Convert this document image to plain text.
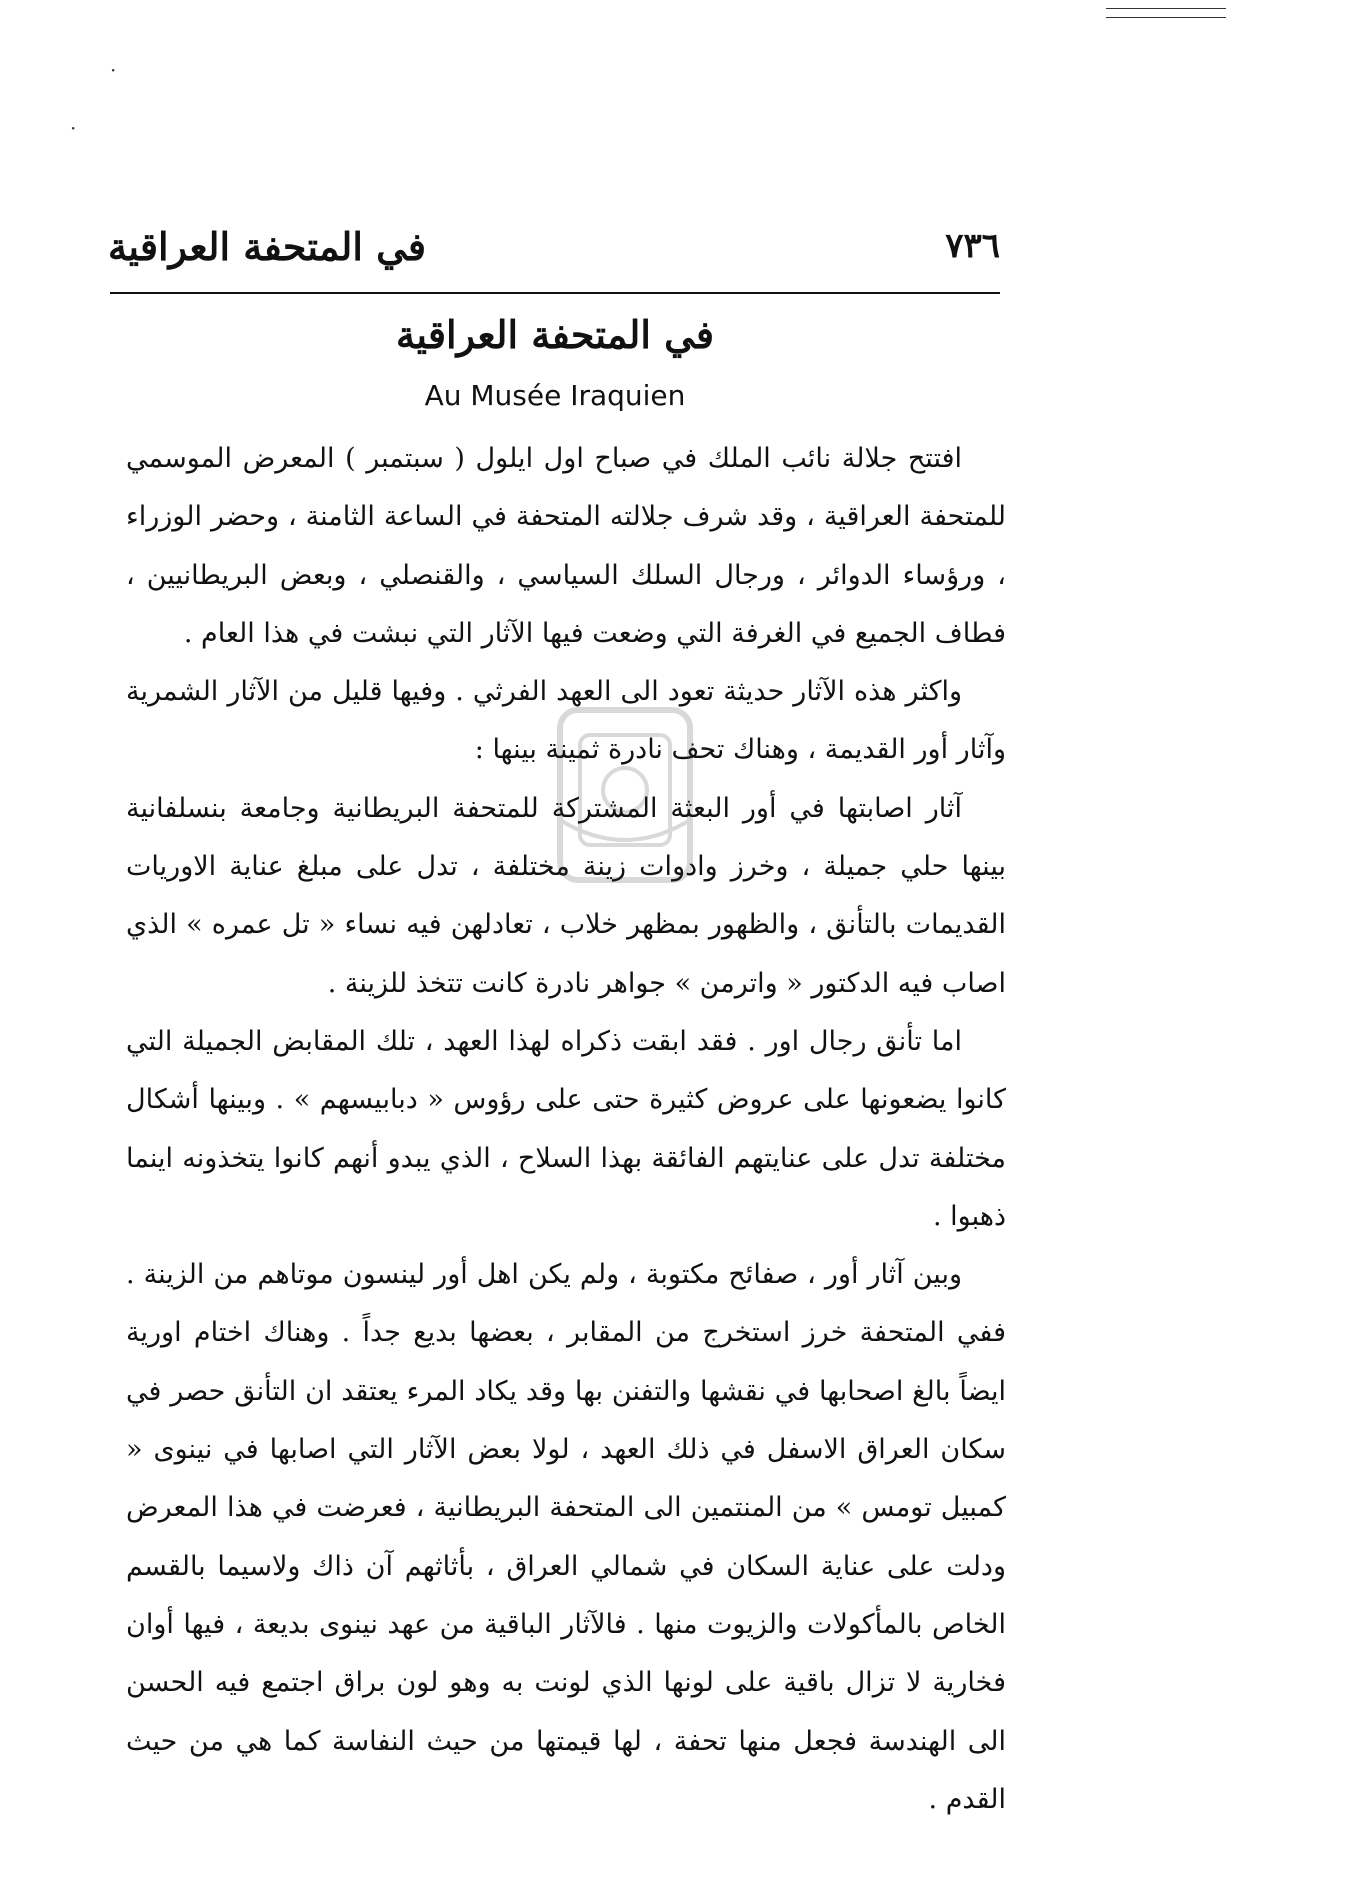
·
·
٧٣٦
في المتحفة العراقية
في المتحفة العراقية
Au Musée Iraquien

افتتح جلالة نائب الملك في صباح اول ايلول ( سبتمبر ) المعرض الموسمي للمتحفة العراقية ، وقد شرف جلالته المتحفة في الساعة الثامنة ، وحضر الوزراء ، ورؤساء الدوائر ، ورجال السلك السياسي ، والقنصلي ، وبعض البريطانيين ، فطاف الجميع في الغرفة التي وضعت فيها الآثار التي نبشت في هذا العام .

واكثر هذه الآثار حديثة تعود الى العهد الفرثي . وفيها قليل من الآثار الشمرية وآثار أور القديمة ، وهناك تحف نادرة ثمينة بينها :

آثار اصابتها في أور البعثة المشتركة للمتحفة البريطانية وجامعة بنسلفانية بينها حلي جميلة ، وخرز وادوات زينة مختلفة ، تدل على مبلغ عناية الاوريات القديمات بالتأنق ، والظهور بمظهر خلاب ، تعادلهن فيه نساء « تل عمره » الذي اصاب فيه الدكتور « واترمن » جواهر نادرة كانت تتخذ للزينة .

اما تأنق رجال اور . فقد ابقت ذكراه لهذا العهد ، تلك المقابض الجميلة التي كانوا يضعونها على عروض كثيرة حتى على رؤوس « دبابيسهم » . وبينها أشكال مختلفة تدل على عنايتهم الفائقة بهذا السلاح ، الذي يبدو أنهم كانوا يتخذونه اينما ذهبوا .

وبين آثار أور ، صفائح مكتوبة ، ولم يكن اهل أور لينسون موتاهم من الزينة . ففي المتحفة خرز استخرج من المقابر ، بعضها بديع جداً . وهناك اختام اورية ايضاً بالغ اصحابها في نقشها والتفنن بها وقد يكاد المرء يعتقد ان التأنق حصر في سكان العراق الاسفل في ذلك العهد ، لولا بعض الآثار التي اصابها في نينوى « كمبيل تومس » من المنتمين الى المتحفة البريطانية ، فعرضت في هذا المعرض ودلت على عناية السكان في شمالي العراق ، بأثاثهم آن ذاك ولاسيما بالقسم الخاص بالمأكولات والزيوت منها . فالآثار الباقية من عهد نينوى بديعة ، فيها أوان فخارية لا تزال باقية على لونها الذي لونت به وهو لون براق اجتمع فيه الحسن الى الهندسة فجعل منها تحفة ، لها قيمتها من حيث النفاسة كما هي من حيث القدم .
